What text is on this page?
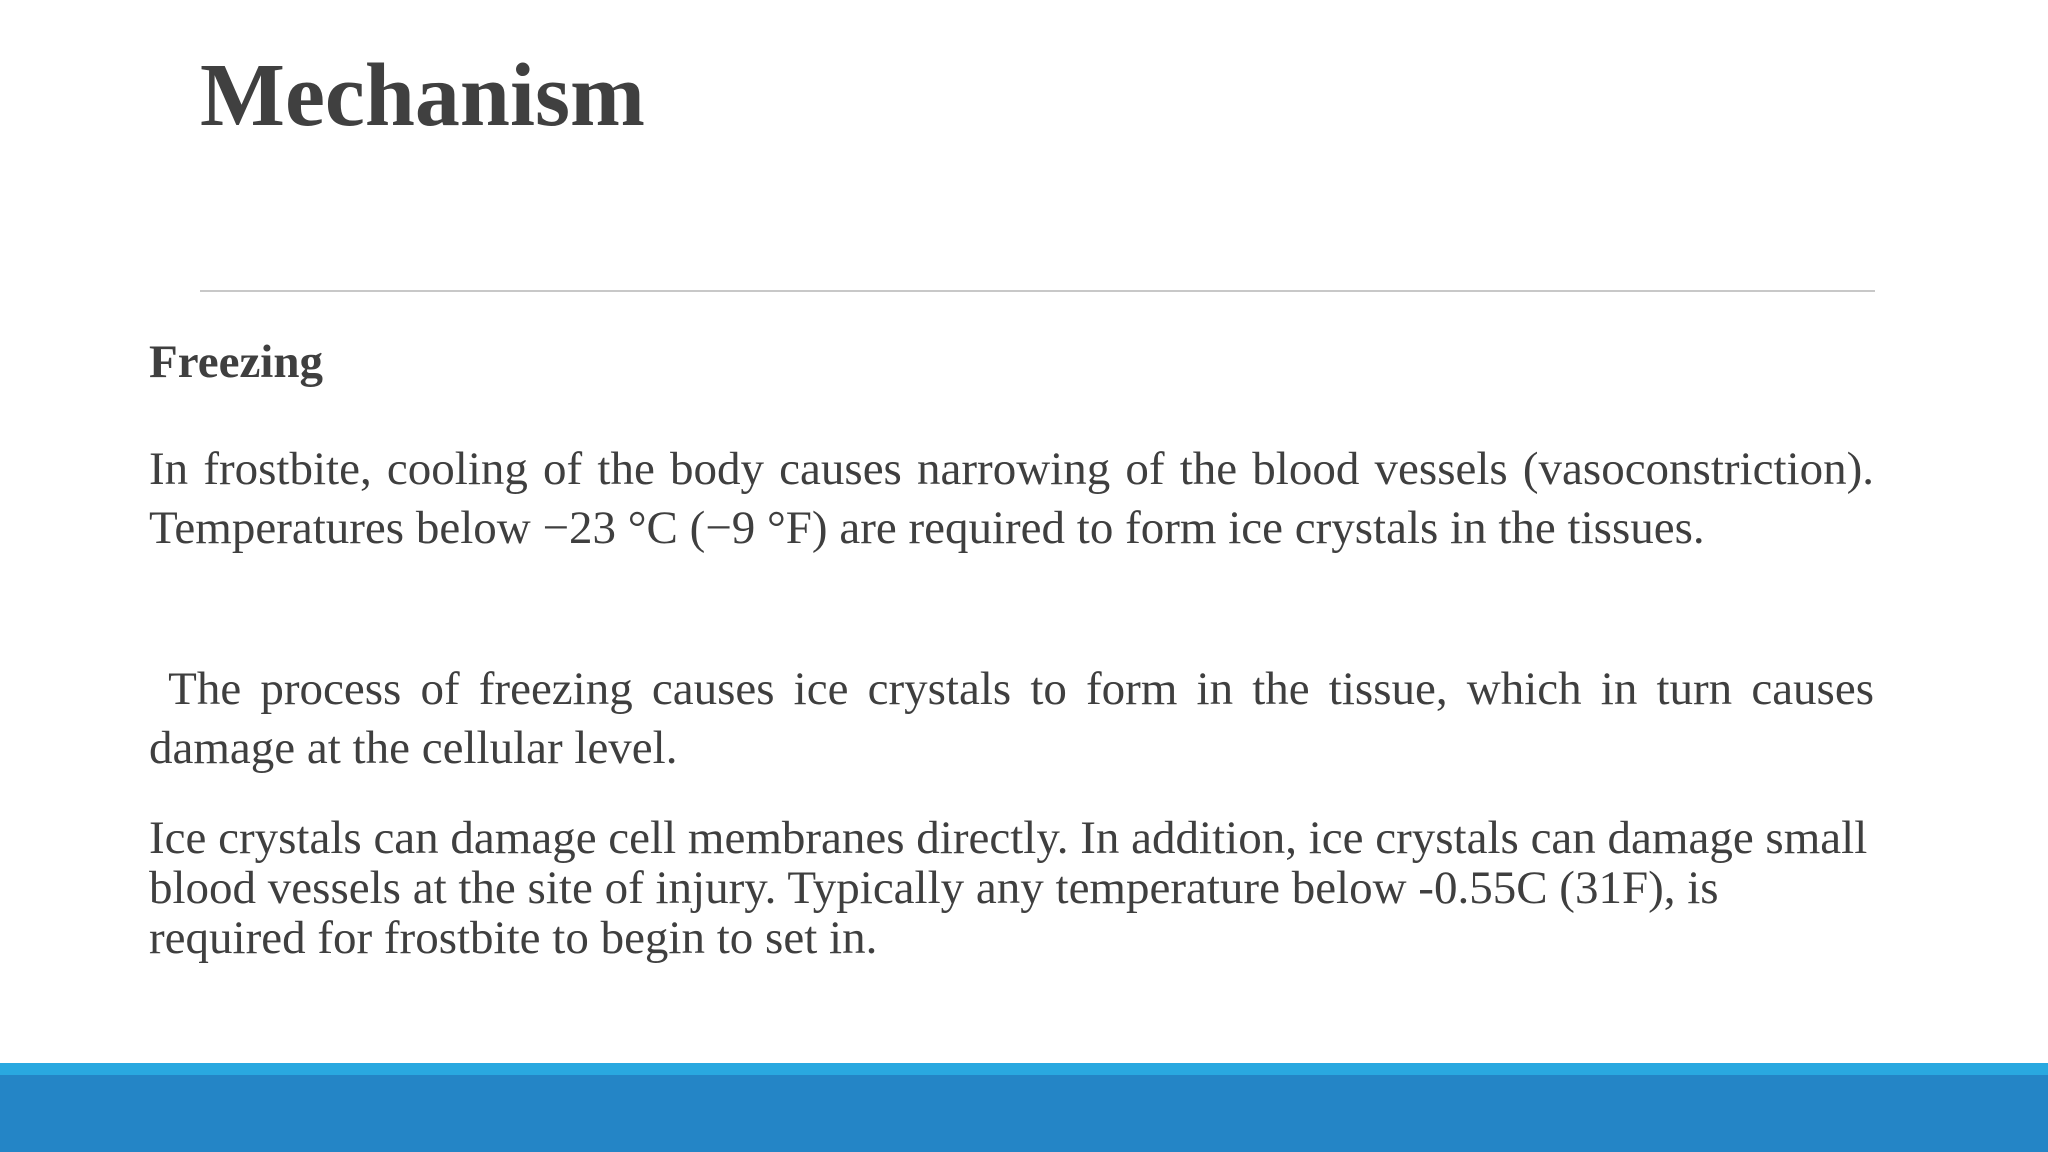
Mechanism

Freezing

In frostbite, cooling of the body causes narrowing of the blood vessels (vasoconstriction). Temperatures below −23 °C (−9 °F) are required to form ice crystals in the tissues.

The process of freezing causes ice crystals to form in the tissue, which in turn causes damage at the cellular level.

Ice crystals can damage cell membranes directly. In addition, ice crystals can damage small blood vessels at the site of injury. Typically any temperature below -0.55C (31F), is required for frostbite to begin to set in.
